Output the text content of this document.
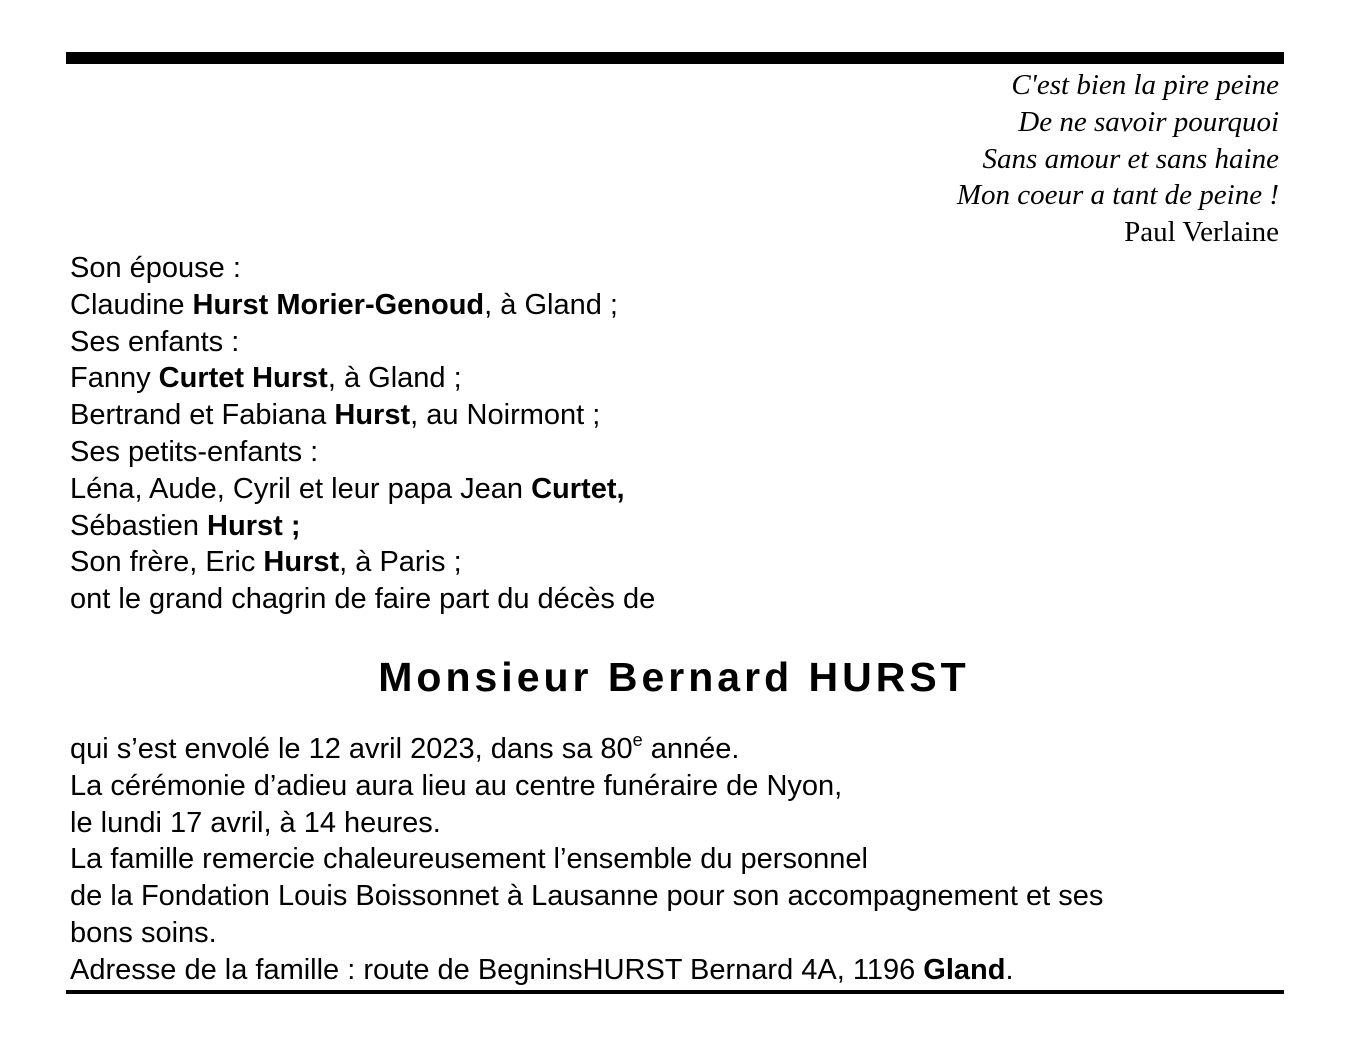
C'est bien la pire peine
De ne savoir pourquoi
Sans amour et sans haine
Mon coeur a tant de peine !
Paul Verlaine
Son épouse :
Claudine Hurst Morier-Genoud, à Gland ;
Ses enfants :
Fanny Curtet Hurst, à Gland ;
Bertrand et Fabiana Hurst, au Noirmont ;
Ses petits-enfants :
Léna, Aude, Cyril et leur papa Jean Curtet,
Sébastien Hurst ;
Son frère, Eric Hurst, à Paris ;
ont le grand chagrin de faire part du décès de
Monsieur Bernard HURST
qui s’est envolé le 12 avril 2023, dans sa 80e année.
La cérémonie d’adieu aura lieu au centre funéraire de Nyon,
le lundi 17 avril, à 14 heures.
La famille remercie chaleureusement l’ensemble du personnel
de la Fondation Louis Boissonnet à Lausanne pour son accompagnement et ses
bons soins.
Adresse de la famille : route de BegninsHURST Bernard 4A, 1196 Gland.
